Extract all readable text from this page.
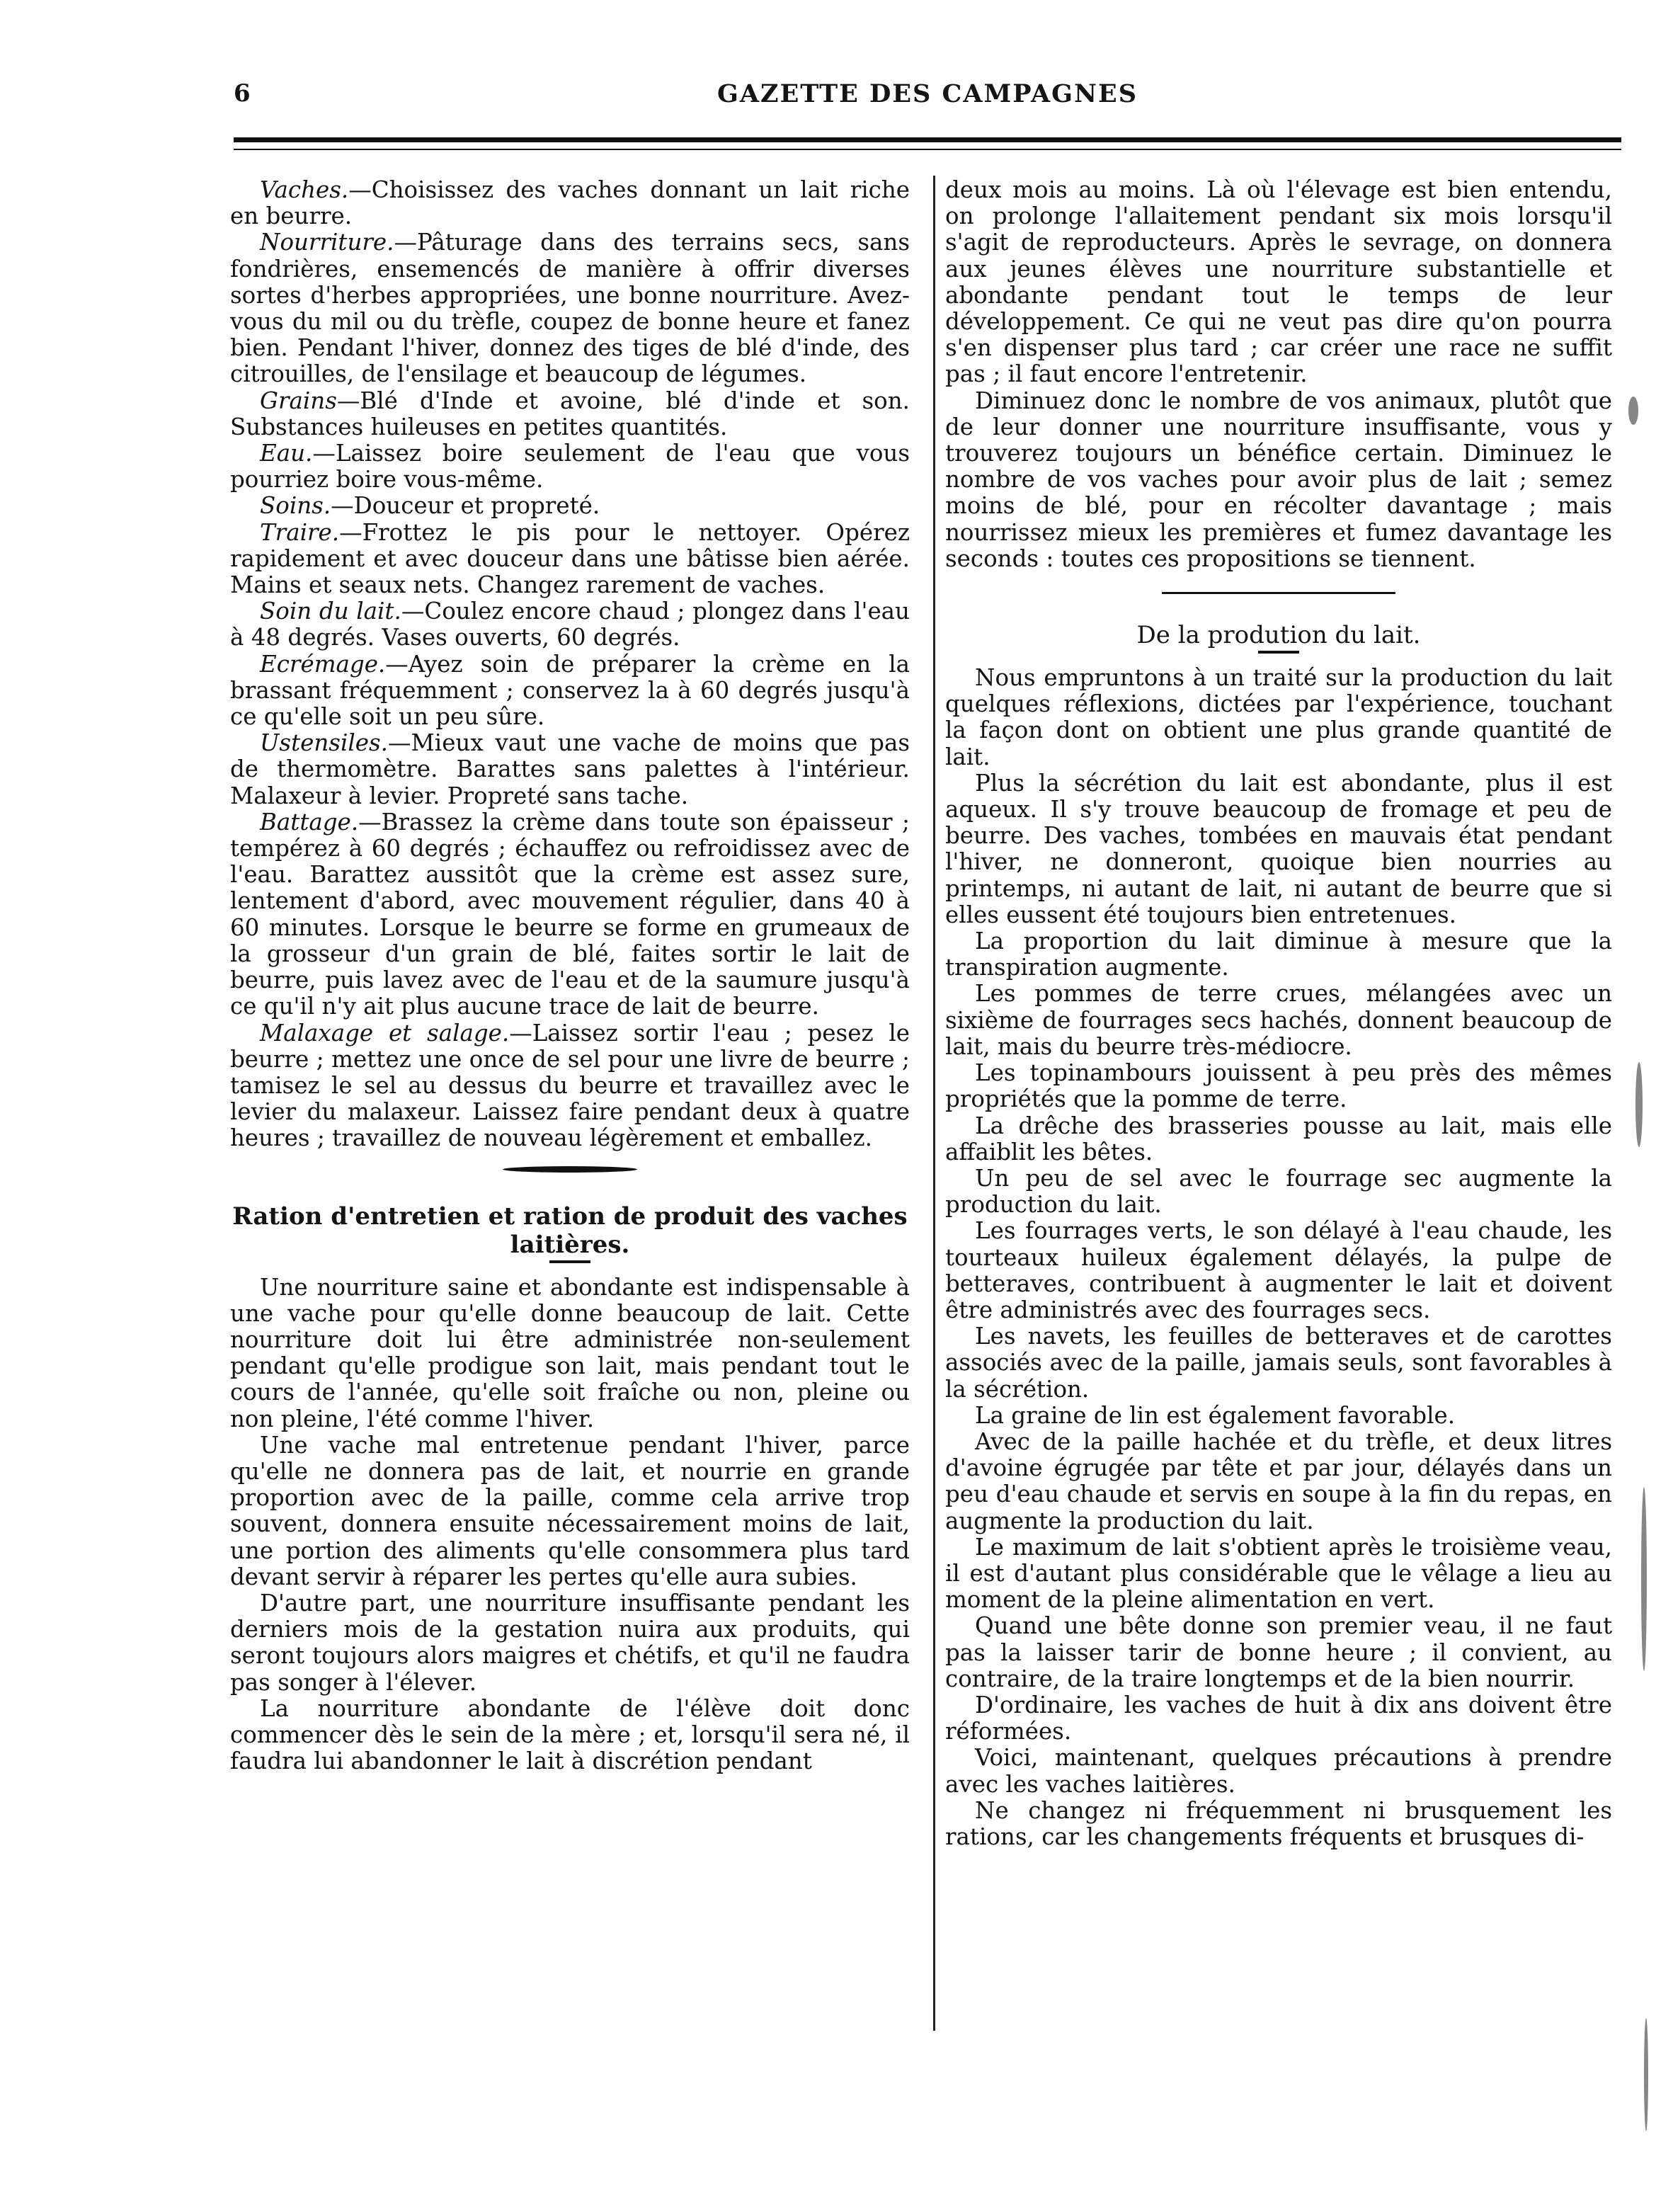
6	GAZETTE DES CAMPAGNES

Vaches.—Choisissez des vaches donnant un lait riche en beurre.

Nourriture.—Pâturage dans des terrains secs, sans fondrières, ensemencés de manière à offrir diverses sortes d'herbes appropriées, une bonne nourriture. Avez-vous du mil ou du trèfle, coupez de bonne heure et fanez bien. Pendant l'hiver, donnez des tiges de blé d'inde, des citrouilles, de l'ensilage et beaucoup de légumes.

Grains—Blé d'Inde et avoine, blé d'inde et son. Substances huileuses en petites quantités.

Eau.—Laissez boire seulement de l'eau que vous pourriez boire vous-même.

Soins.—Douceur et propreté.

Traire.—Frottez le pis pour le nettoyer. Opérez rapidement et avec douceur dans une bâtisse bien aérée. Mains et seaux nets. Changez rarement de vaches.

Soin du lait.—Coulez encore chaud ; plongez dans l'eau à 48 degrés. Vases ouverts, 60 degrés.

Ecrémage.—Ayez soin de préparer la crème en la brassant fréquemment ; conservez la à 60 degrés jusqu'à ce qu'elle soit un peu sûre.

Ustensiles.—Mieux vaut une vache de moins que pas de thermomètre. Barattes sans palettes à l'intérieur. Malaxeur à levier. Propreté sans tache.

Battage.—Brassez la crème dans toute son épaisseur ; tempérez à 60 degrés ; échauffez ou refroidissez avec de l'eau. Barattez aussitôt que la crème est assez sure, lentement d'abord, avec mouvement régulier, dans 40 à 60 minutes. Lorsque le beurre se forme en grumeaux de la grosseur d'un grain de blé, faites sortir le lait de beurre, puis lavez avec de l'eau et de la saumure jusqu'à ce qu'il n'y ait plus aucune trace de lait de beurre.

Malaxage et salage.—Laissez sortir l'eau ; pesez le beurre ; mettez une once de sel pour une livre de beurre ; tamisez le sel au dessus du beurre et travaillez avec le levier du malaxeur. Laissez faire pendant deux à quatre heures ; travaillez de nouveau légèrement et emballez.

Ration d'entretien et ration de produit des vaches laitières.

Une nourriture saine et abondante est indispensable à une vache pour qu'elle donne beaucoup de lait. Cette nourriture doit lui être administrée non-seulement pendant qu'elle prodigue son lait, mais pendant tout le cours de l'année, qu'elle soit fraîche ou non, pleine ou non pleine, l'été comme l'hiver.

Une vache mal entretenue pendant l'hiver, parce qu'elle ne donnera pas de lait, et nourrie en grande proportion avec de la paille, comme cela arrive trop souvent, donnera ensuite nécessairement moins de lait, une portion des aliments qu'elle consommera plus tard devant servir à réparer les pertes qu'elle aura subies.

D'autre part, une nourriture insuffisante pendant les derniers mois de la gestation nuira aux produits, qui seront toujours alors maigres et chétifs, et qu'il ne faudra pas songer à l'élever.

La nourriture abondante de l'élève doit donc commencer dès le sein de la mère ; et, lorsqu'il sera né, il faudra lui abandonner le lait à discrétion pendant

deux mois au moins. Là où l'élevage est bien entendu, on prolonge l'allaitement pendant six mois lorsqu'il s'agit de reproducteurs. Après le sevrage, on donnera aux jeunes élèves une nourriture substantielle et abondante pendant tout le temps de leur développement. Ce qui ne veut pas dire qu'on pourra s'en dispenser plus tard ; car créer une race ne suffit pas ; il faut encore l'entretenir.

Diminuez donc le nombre de vos animaux, plutôt que de leur donner une nourriture insuffisante, vous y trouverez toujours un bénéfice certain. Diminuez le nombre de vos vaches pour avoir plus de lait ; semez moins de blé, pour en récolter davantage ; mais nourrissez mieux les premières et fumez davantage les seconds : toutes ces propositions se tiennent.

De la prodution du lait.

Nous empruntons à un traité sur la production du lait quelques réflexions, dictées par l'expérience, touchant la façon dont on obtient une plus grande quantité de lait.

Plus la sécrétion du lait est abondante, plus il est aqueux. Il s'y trouve beaucoup de fromage et peu de beurre. Des vaches, tombées en mauvais état pendant l'hiver, ne donneront, quoique bien nourries au printemps, ni autant de lait, ni autant de beurre que si elles eussent été toujours bien entretenues.

La proportion du lait diminue à mesure que la transpiration augmente.

Les pommes de terre crues, mélangées avec un sixième de fourrages secs hachés, donnent beaucoup de lait, mais du beurre très-médiocre.

Les topinambours jouissent à peu près des mêmes propriétés que la pomme de terre.

La drêche des brasseries pousse au lait, mais elle affaiblit les bêtes.

Un peu de sel avec le fourrage sec augmente la production du lait.

Les fourrages verts, le son délayé à l'eau chaude, les tourteaux huileux également délayés, la pulpe de betteraves, contribuent à augmenter le lait et doivent être administrés avec des fourrages secs.

Les navets, les feuilles de betteraves et de carottes associés avec de la paille, jamais seuls, sont favorables à la sécrétion.

La graine de lin est également favorable.

Avec de la paille hachée et du trèfle, et deux litres d'avoine égrugée par tête et par jour, délayés dans un peu d'eau chaude et servis en soupe à la fin du repas, en augmente la production du lait.

Le maximum de lait s'obtient après le troisième veau, il est d'autant plus considérable que le vêlage a lieu au moment de la pleine alimentation en vert.

Quand une bête donne son premier veau, il ne faut pas la laisser tarir de bonne heure ; il convient, au contraire, de la traire longtemps et de la bien nourrir.

D'ordinaire, les vaches de huit à dix ans doivent être réformées.

Voici, maintenant, quelques précautions à prendre avec les vaches laitières.

Ne changez ni fréquemment ni brusquement les rations, car les changements fréquents et brusques di-
